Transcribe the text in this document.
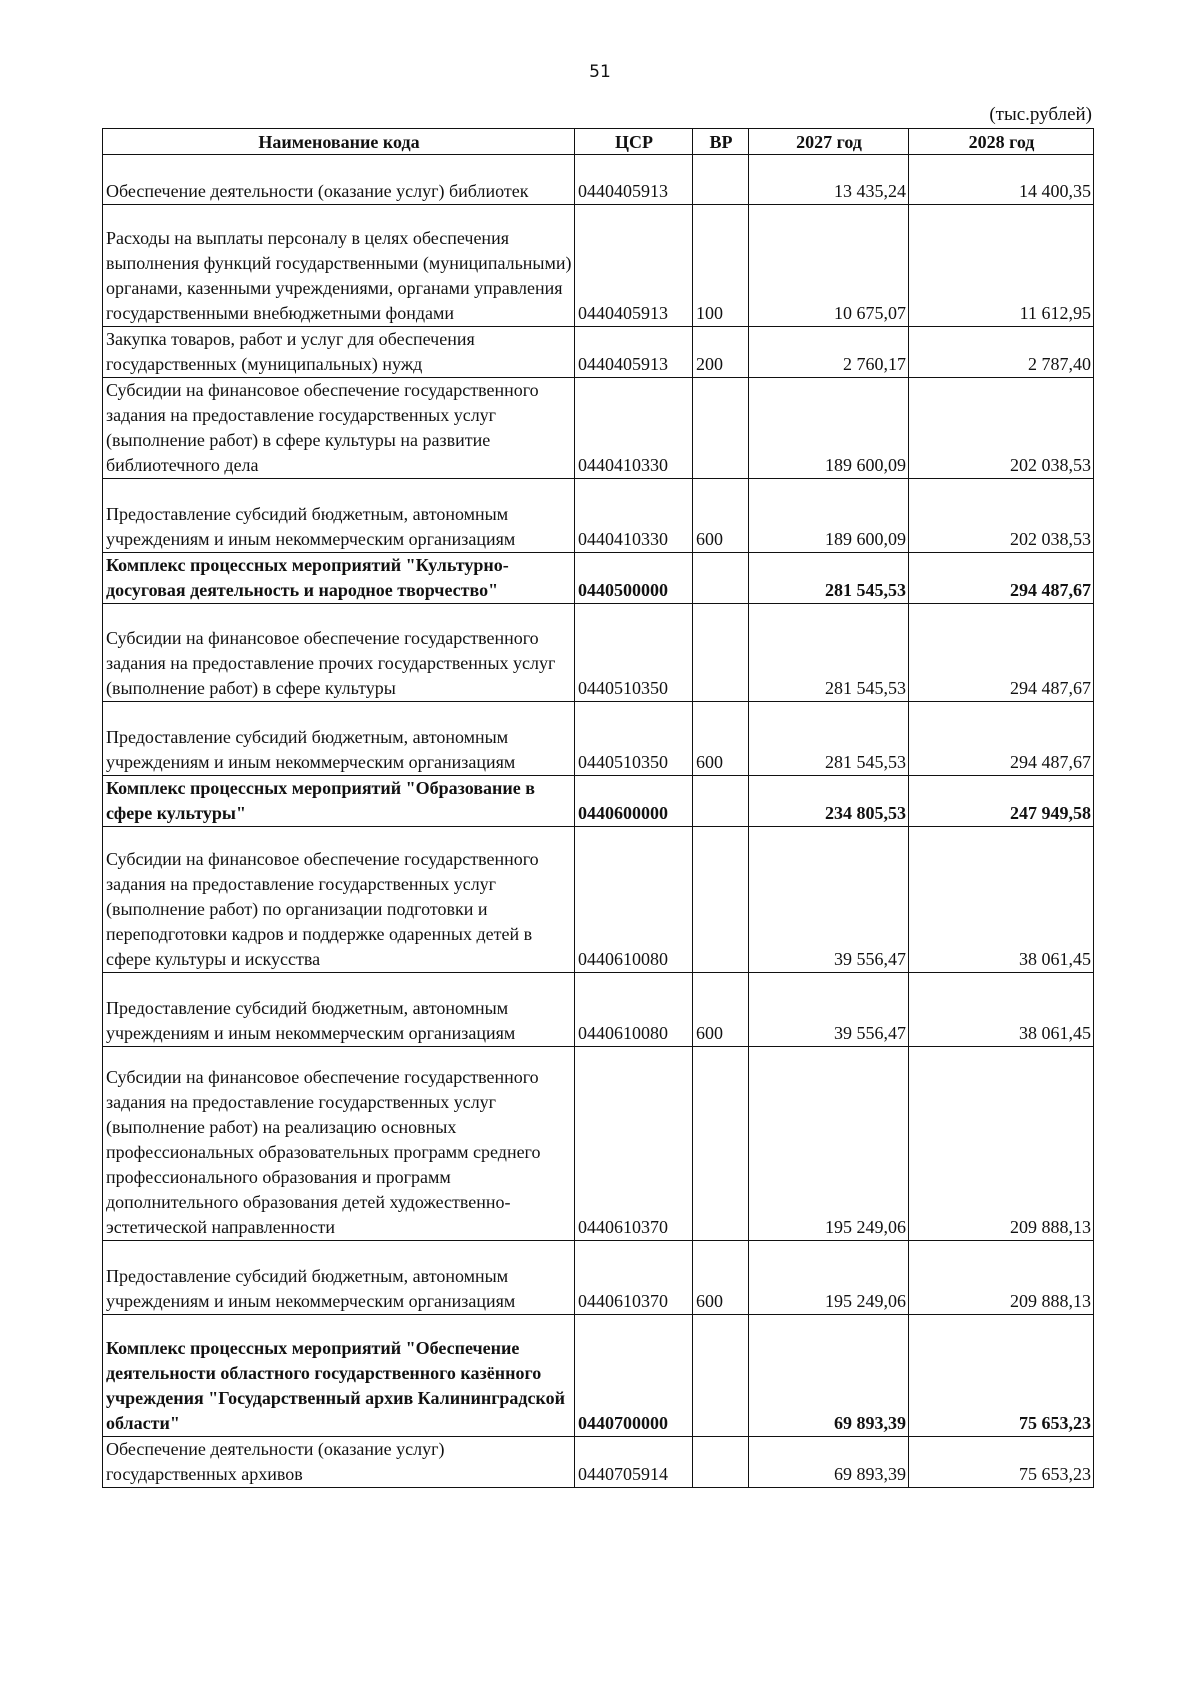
51
(тыс.рублей)
Наименование кода	ЦСР	ВР	2027 год	2028 год
Обеспечение деятельности (оказание услуг) библиотек	0440405913		13 435,24	14 400,35
Расходы на выплаты персоналу в целях обеспечения выполнения функций государственными (муниципальными) органами, казенными учреждениями, органами управления государственными внебюджетными фондами	0440405913	100	10 675,07	11 612,95
Закупка товаров, работ и услуг для обеспечения государственных (муниципальных) нужд	0440405913	200	2 760,17	2 787,40
Субсидии на финансовое обеспечение государственного задания на предоставление государственных услуг (выполнение работ) в сфере культуры на развитие библиотечного дела	0440410330		189 600,09	202 038,53
Предоставление субсидий бюджетным, автономным учреждениям и иным некоммерческим организациям	0440410330	600	189 600,09	202 038,53
Комплекс процессных мероприятий "Культурно-досуговая деятельность и народное творчество"	0440500000		281 545,53	294 487,67
Субсидии на финансовое обеспечение государственного задания на предоставление прочих государственных услуг (выполнение работ) в сфере культуры	0440510350		281 545,53	294 487,67
Предоставление субсидий бюджетным, автономным учреждениям и иным некоммерческим организациям	0440510350	600	281 545,53	294 487,67
Комплекс процессных мероприятий "Образование в сфере культуры"	0440600000		234 805,53	247 949,58
Субсидии на финансовое обеспечение государственного задания на предоставление государственных услуг (выполнение работ) по организации подготовки и переподготовки кадров и поддержке одаренных детей в сфере культуры и искусства	0440610080		39 556,47	38 061,45
Предоставление субсидий бюджетным, автономным учреждениям и иным некоммерческим организациям	0440610080	600	39 556,47	38 061,45
Субсидии на финансовое обеспечение государственного задания на предоставление государственных услуг (выполнение работ) на реализацию основных профессиональных образовательных программ среднего профессионального образования и программ дополнительного образования детей художественно-эстетической направленности	0440610370		195 249,06	209 888,13
Предоставление субсидий бюджетным, автономным учреждениям и иным некоммерческим организациям	0440610370	600	195 249,06	209 888,13
Комплекс процессных мероприятий "Обеспечение деятельности областного государственного казённого учреждения "Государственный архив Калининградской области"	0440700000		69 893,39	75 653,23
Обеспечение деятельности (оказание услуг) государственных архивов	0440705914		69 893,39	75 653,23
